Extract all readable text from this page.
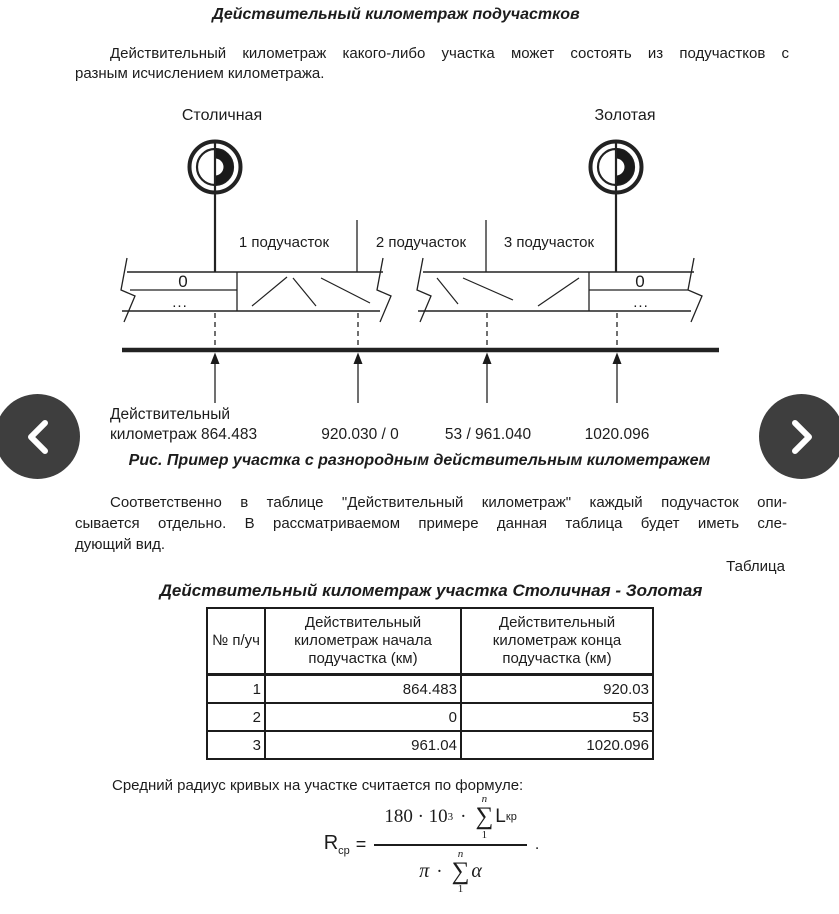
Действительный километраж подучастков
Действительный километраж какого-либо участка может состоять из подучастков с
разным исчислением километража.
Столичная	Золотая
1 подучасток	2 подучасток	3 подучасток
0
...
0
...
Действительный
километраж 864.483	920.030 / 0	53 / 961.040	1020.096
Рис. Пример участка с разнородным действительным километражем
Соответственно в таблице "Действительный километраж" каждый подучасток опи-
сывается отдельно. В рассматриваемом примере данная таблица будет иметь сле-
дующий вид.
Таблица
Действительный километраж участка Столичная - Золотая
№ п/уч	Действительный километраж начала подучастка (км)	Действительный километраж конца подучастка (км)
1	864.483	920.03
2	0	53
3	961.04	1020.096
Средний радиус кривых на участке считается по формуле:
$R_{ср}$ =
180 · 10 3 ·
n
∑
1
L кр
π ·
n
∑
1
α
.
